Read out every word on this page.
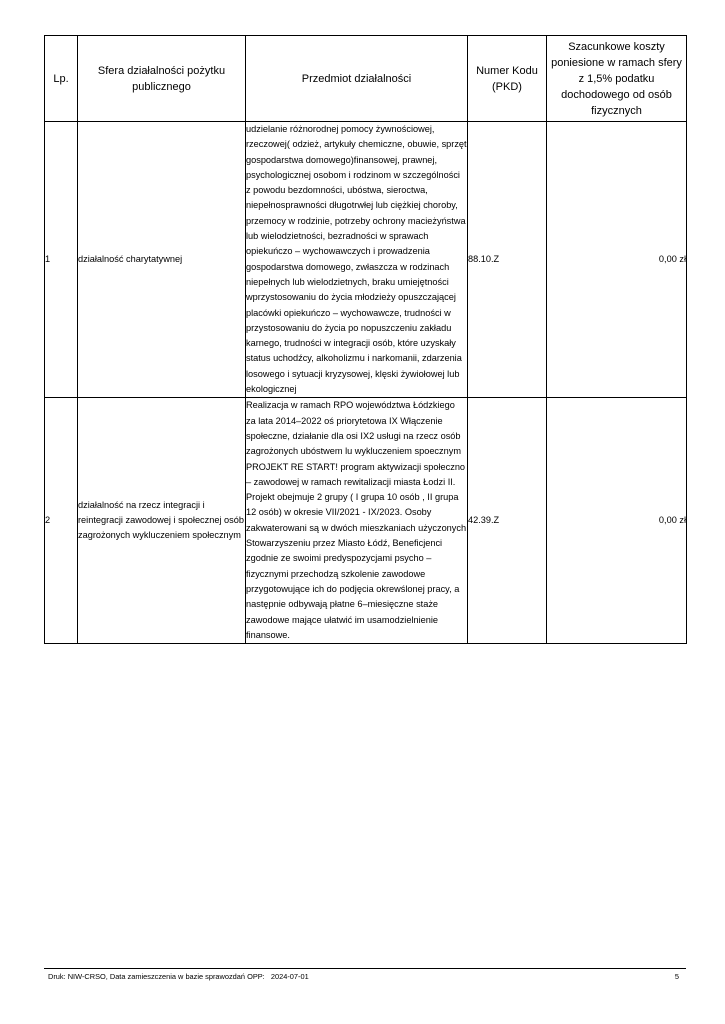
Lp.	Sfera działalności pożytku publicznego	Przedmiot działalności	Numer Kodu (PKD)	Szacunkowe koszty poniesione w ramach sfery z 1,5% podatku dochodowego od osób fizycznych
1	działalność charytatywnej	udzielanie różnorodnej pomocy żywnościowej, rzeczowej( odzież, artykuły chemiczne, obuwie, sprzęt gospodarstwa domowego)finansowej, prawnej, psychologicznej osobom i rodzinom w szczególności z powodu bezdomności, ubóstwa, sieroctwa, niepełnosprawności długotrwłej lub ciężkiej choroby, przemocy w rodzinie, potrzeby ochrony macieżyństwa lub wielodzietności, bezradności w sprawach opiekuńczo – wychowawczych i prowadzenia gospodarstwa domowego, zwłaszcza w rodzinach niepełnych lub wielodzietnych, braku umiejętności wprzystosowaniu do życia młodzieży opuszczającej placówki opiekuńczo – wychowawcze, trudności w przystosowaniu do życia po nopuszczeniu zakładu karnego, trudności w integracji osób, które uzyskały status uchodźcy, alkoholizmu i narkomanii, zdarzenia losowego i sytuacji kryzysowej, klęski żywiołowej lub ekologicznej	88.10.Z	0,00 zł
2	działalność na rzecz integracji i reintegracji zawodowej i społecznej osób zagrożonych wykluczeniem społecznym	Realizacja w ramach RPO województwa Łódzkiego za lata 2014–2022 oś priorytetowa IX Włączenie społeczne, działanie dla osi IX2 usługi na rzecz osób zagrożonych ubóstwem lu wykluczeniem spoecznym PROJEKT RE START! program aktywizacji społeczno – zawodowej w ramach rewitalizacji miasta Łodzi II. Projekt obejmuje 2 grupy ( I grupa 10 osób , II grupa 12 osób) w okresie VII/2021 - IX/2023. Osoby zakwaterowani są w dwóch mieszkaniach użyczonych Stowarzyszeniu przez Miasto Łódź, Beneficjenci zgodnie ze swoimi predyspozycjami psycho – fizycznymi przechodzą szkolenie zawodowe przygotowujące ich do podjęcia okrewślonej pracy, a następnie odbywają płatne 6–miesięczne staże zawodowe mające ułatwić im usamodzielnienie finansowe.	42.39.Z	0,00 zł
Druk: NIW-CRSO, Data zamieszczenia w bazie sprawozdań OPP:   2024-07-01	5
